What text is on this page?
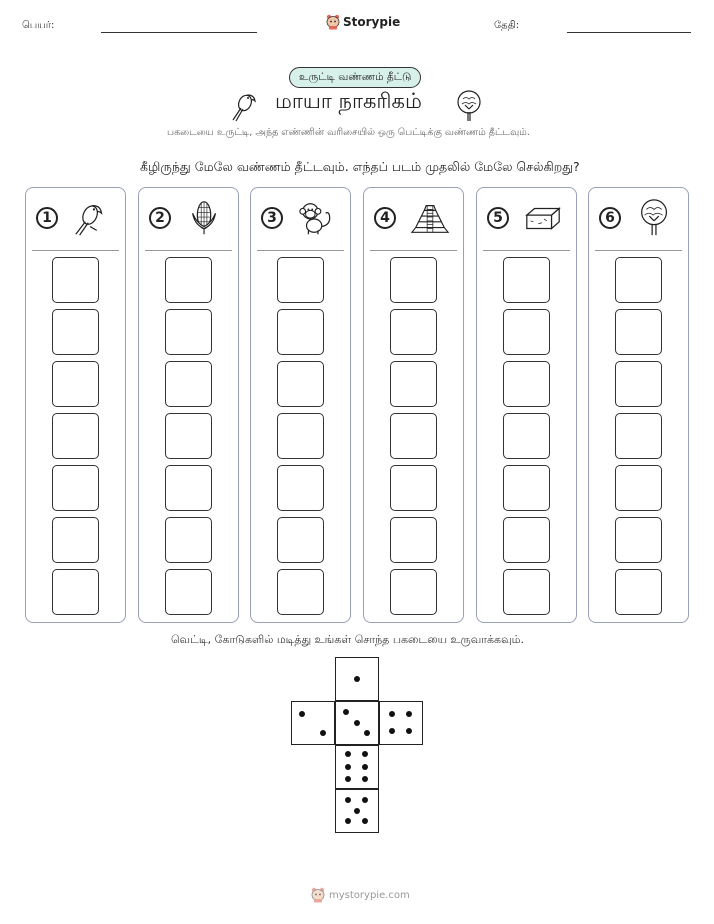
பெயர்:	Storypie	தேதி:
உருட்டி வண்ணம் தீட்டு
மாயா நாகரிகம்
பகடையை உருட்டி, அந்த எண்ணின் வரிசையில் ஒரு பெட்டிக்கு வண்ணம் தீட்டவும்.
கீழிருந்து மேலே வண்ணம் தீட்டவும். எந்தப் படம் முதலில் மேலே செல்கிறது?
1	2	3	4	5	6
வெட்டி, கோடுகளில் மடித்து உங்கள் சொந்த பகடையை உருவாக்கவும்.
mystorypie.com
